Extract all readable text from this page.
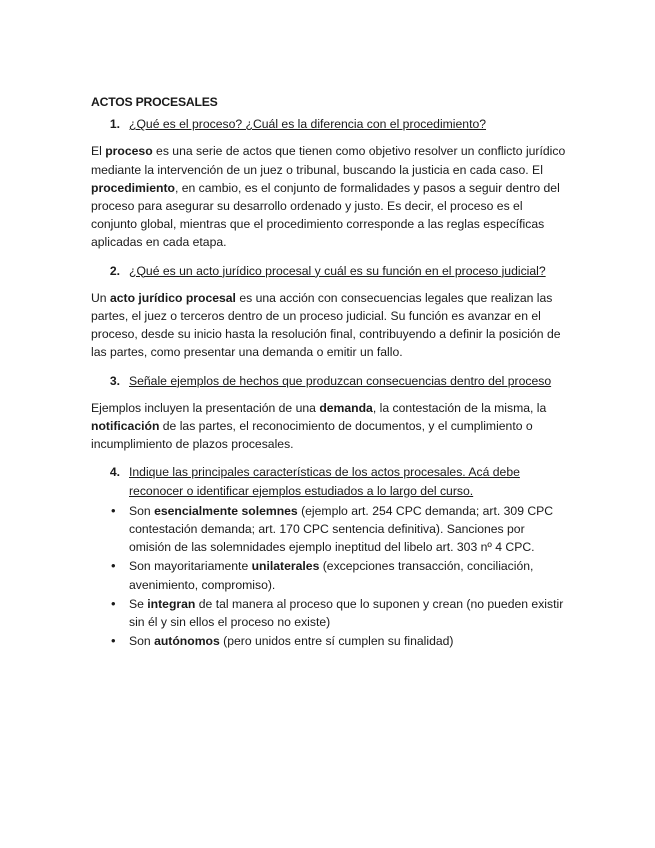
ACTOS PROCESALES
1. ¿Qué es el proceso? ¿Cuál es la diferencia con el procedimiento?

El proceso es una serie de actos que tienen como objetivo resolver un conflicto jurídico mediante la intervención de un juez o tribunal, buscando la justicia en cada caso. El procedimiento, en cambio, es el conjunto de formalidades y pasos a seguir dentro del proceso para asegurar su desarrollo ordenado y justo. Es decir, el proceso es el conjunto global, mientras que el procedimiento corresponde a las reglas específicas aplicadas en cada etapa.

2. ¿Qué es un acto jurídico procesal y cuál es su función en el proceso judicial?

Un acto jurídico procesal es una acción con consecuencias legales que realizan las partes, el juez o terceros dentro de un proceso judicial. Su función es avanzar en el proceso, desde su inicio hasta la resolución final, contribuyendo a definir la posición de las partes, como presentar una demanda o emitir un fallo.

3. Señale ejemplos de hechos que produzcan consecuencias dentro del proceso

Ejemplos incluyen la presentación de una demanda, la contestación de la misma, la notificación de las partes, el reconocimiento de documentos, y el cumplimiento o incumplimiento de plazos procesales.

4. Indique las principales características de los actos procesales. Acá debe reconocer o identificar ejemplos estudiados a lo largo del curso.
•	Son esencialmente solemnes (ejemplo art. 254 CPC demanda; art. 309 CPC contestación demanda; art. 170 CPC sentencia definitiva). Sanciones por omisión de las solemnidades ejemplo ineptitud del libelo art. 303 nº 4 CPC.
•	Son mayoritariamente unilaterales (excepciones transacción, conciliación, avenimiento, compromiso).
•	Se integran de tal manera al proceso que lo suponen y crean (no pueden existir sin él y sin ellos el proceso no existe)
•	Son autónomos (pero unidos entre sí cumplen su finalidad)
